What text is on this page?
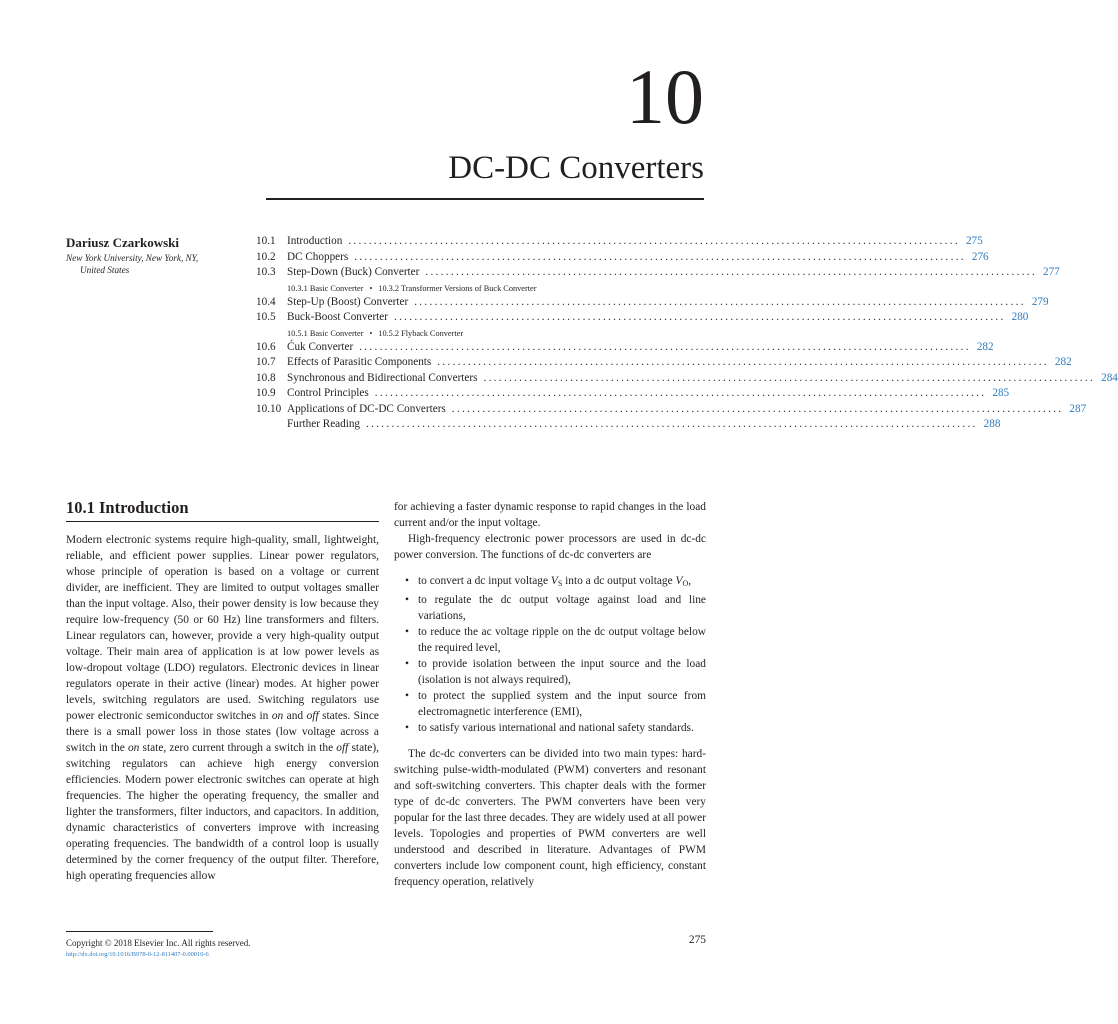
10
DC-DC Converters
Dariusz Czarkowski
New York University, New York, NY,
United States
10.1	Introduction ........................................................................................................................ 275
10.2	DC Choppers ........................................................................................................................ 276
10.3	Step-Down (Buck) Converter ........................................................................................................................ 277
10.3.1 Basic Converter • 10.3.2 Transformer Versions of Buck Converter
10.4	Step-Up (Boost) Converter ........................................................................................................................ 279
10.5	Buck-Boost Converter ........................................................................................................................ 280
10.5.1 Basic Converter • 10.5.2 Flyback Converter
10.6	Ćuk Converter ........................................................................................................................ 282
10.7	Effects of Parasitic Components ........................................................................................................................ 282
10.8	Synchronous and Bidirectional Converters ........................................................................................................................ 284
10.9	Control Principles ........................................................................................................................ 285
10.10 Applications of DC-DC Converters ........................................................................................................................ 287
Further Reading ........................................................................................................................ 288
10.1 Introduction

Modern electronic systems require high-quality, small, lightweight, reliable, and efficient power supplies. Linear power regulators, whose principle of operation is based on a voltage or current divider, are inefficient. They are limited to output voltages smaller than the input voltage. Also, their power density is low because they require low-frequency (50 or 60 Hz) line transformers and filters. Linear regulators can, however, provide a very high-quality output voltage. Their main area of application is at low power levels as low-dropout voltage (LDO) regulators. Electronic devices in linear regulators operate in their active (linear) modes. At higher power levels, switching regulators are used. Switching regulators use power electronic semiconductor switches in on and off states. Since there is a small power loss in those states (low voltage across a switch in the on state, zero current through a switch in the off state), switching regulators can achieve high energy conversion efficiencies. Modern power electronic switches can operate at high frequencies. The higher the operating frequency, the smaller and lighter the transformers, filter inductors, and capacitors. In addition, dynamic characteristics of converters improve with increasing operating frequencies. The bandwidth of a control loop is usually determined by the corner frequency of the output filter. Therefore, high operating frequencies allow

for achieving a faster dynamic response to rapid changes in the load current and/or the input voltage.

High-frequency electronic power processors are used in dc-dc power conversion. The functions of dc-dc converters are

• to convert a dc input voltage $V_S$ into a dc output voltage $V_O$,
• to regulate the dc output voltage against load and line variations,
• to reduce the ac voltage ripple on the dc output voltage below the required level,
• to provide isolation between the input source and the load (isolation is not always required),
• to protect the supplied system and the input source from electromagnetic interference (EMI),
• to satisfy various international and national safety standards.

The dc-dc converters can be divided into two main types: hard-switching pulse-width-modulated (PWM) converters and resonant and soft-switching converters. This chapter deals with the former type of dc-dc converters. The PWM converters have been very popular for the last three decades. They are widely used at all power levels. Topologies and properties of PWM converters are well understood and described in literature. Advantages of PWM converters include low component count, high efficiency, constant frequency operation, relatively

Copyright © 2018 Elsevier Inc. All rights reserved.
http://dx.doi.org/10.1016/B978-0-12-811407-0.00010-6
275
